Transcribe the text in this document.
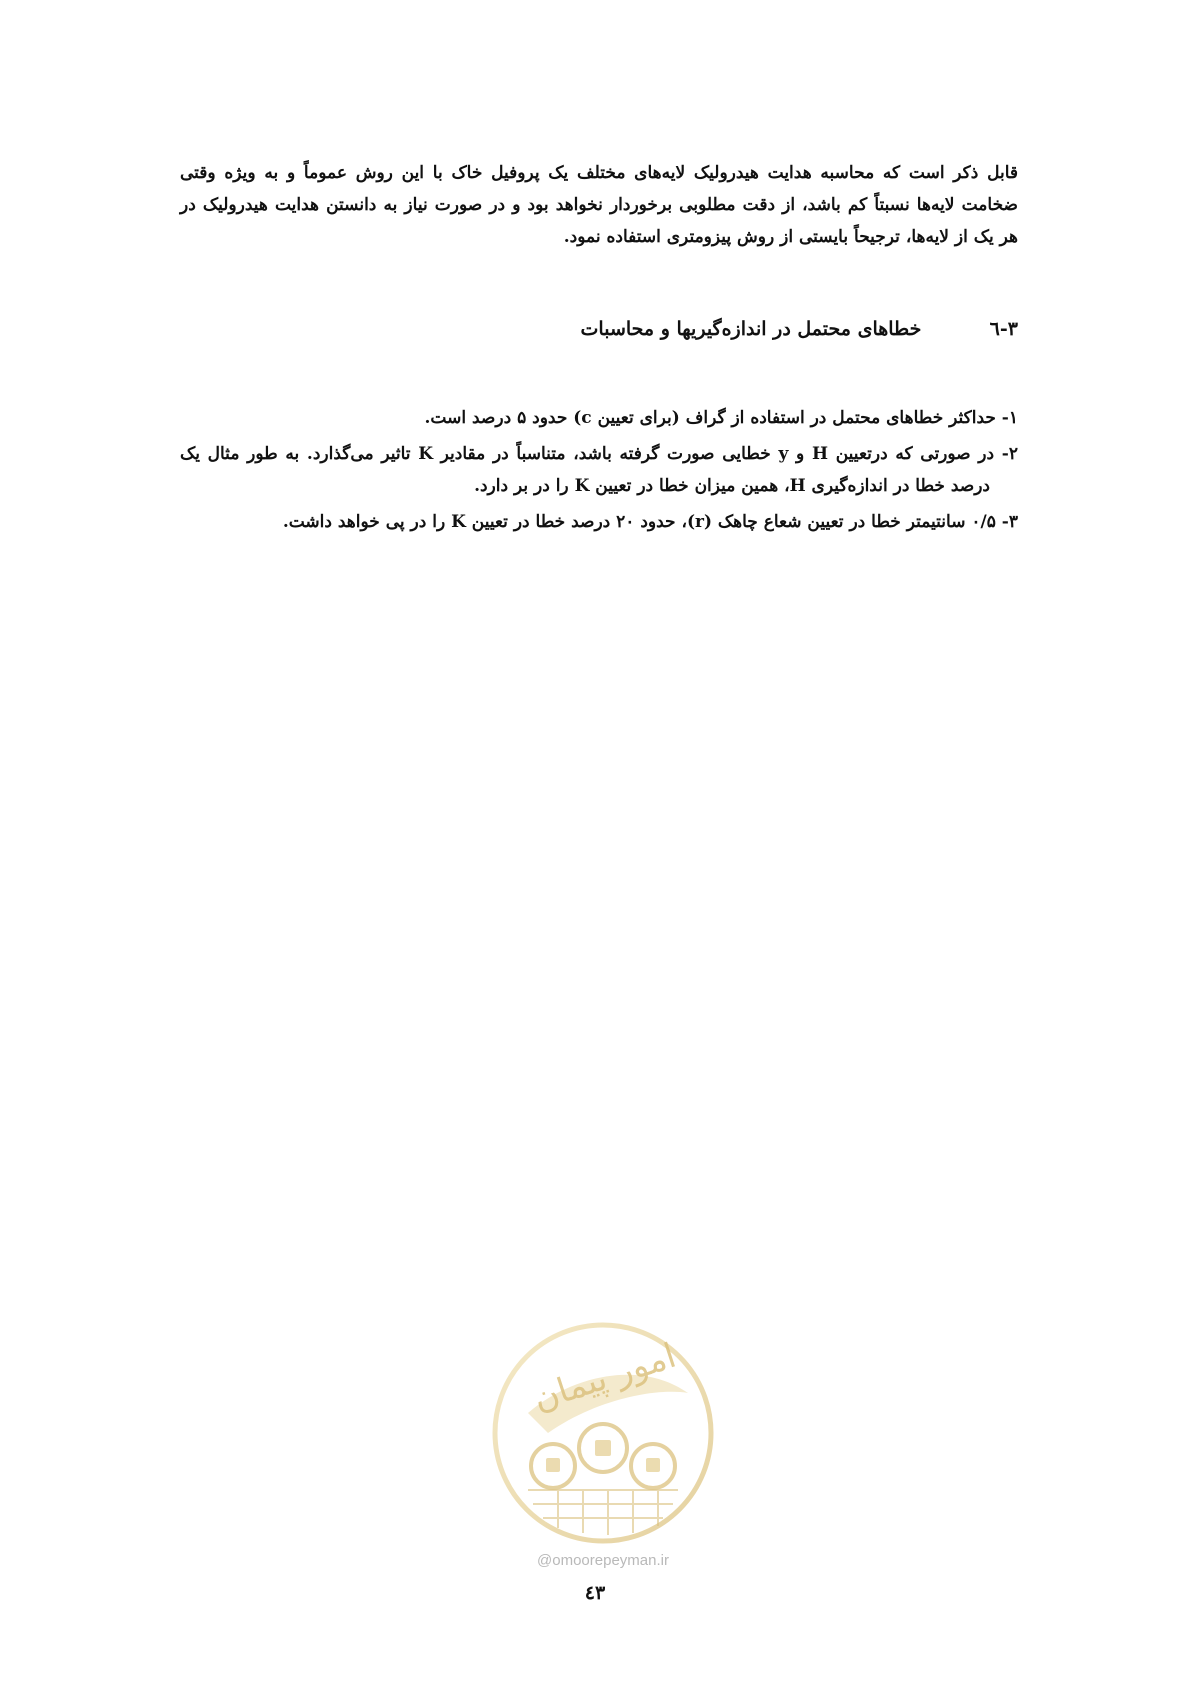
قابل ذکر است که محاسبه هدایت هیدرولیک لایه‌های مختلف یک پروفیل خاک با این روش عموماً و به ویژه وقتی ضخامت لایه‌ها نسبتاً کم باشد، از دقت مطلوبی برخوردار نخواهد بود و در صورت نیاز به دانستن هدایت هیدرولیک در هر یک از لایه‌ها، ترجیحاً بایستی از روش پیزومتری استفاده نمود.

۳-٦ خطاهای محتمل در اندازه‌گیریها و محاسبات
۱- حداکثر خطاهای محتمل در استفاده از گراف (برای تعیین c) حدود ۵ درصد است.
۲- در صورتی که درتعیین H و y خطایی صورت گرفته باشد، متناسباً در مقادیر K تاثیر می‌گذارد. به طور مثال یک درصد خطا در اندازه‌گیری H، همین میزان خطا در تعیین K را در بر دارد.
۳- ۰/۵ سانتیمتر خطا در تعیین شعاع چاهک (r)، حدود ۲۰ درصد خطا در تعیین K را در پی خواهد داشت.
امور پیمان
@omoorepeyman.ir
٤٣
